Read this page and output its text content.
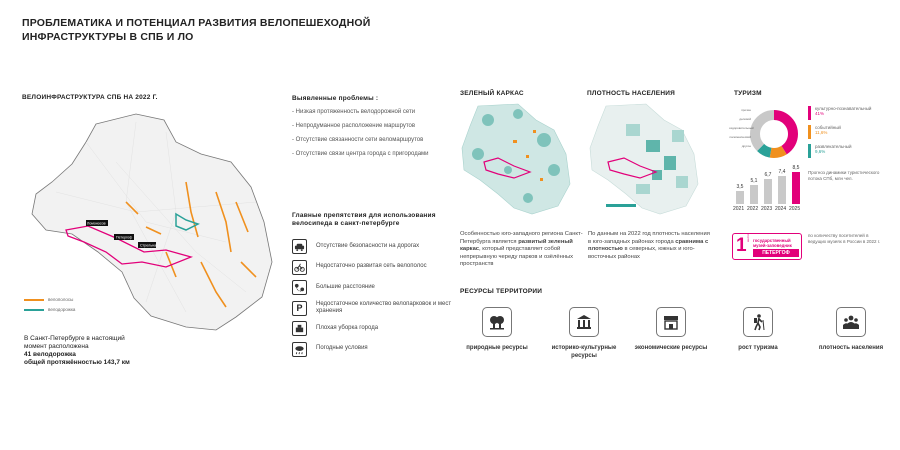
ПРОБЛЕМАТИКА И ПОТЕНЦИАЛ РАЗВИТИЯ ВЕЛОПЕШЕХОДНОЙ ИНФРАСТРУКТУРЫ В СПБ И ЛО
ВЕЛОИНФРАСТРУКТУРА СПБ НА 2022 Г.
Ломоносов
Петергоф
Стрельна
велополосы
велодорожка
В Санкт-Петербурге в настоящий
момент расположена
41 велодорожка
общей протяжённостью 143,7 км
Выявленные проблемы :
- Низкая протяженность велодорожной сети
- Непродуманное расположение маршрутов
- Отсутствие связанности сети веломаршрутов
- Отсутствие связи центра города с пригородами
Главные препятствия для использования велосипеда в санкт-петербурге
Отсутствие безопасности на дорогах
Недостаточно развитая сеть велополос
Большие расстояние
P	Недостаточное количество велопарковок и мест хранения
Плохая уборка города
Погодные условия
ЗЕЛЕНЫЙ КАРКАС
Особенностью юго-западного региона Санкт-Петербурга является развитый зеленый каркас, который представляет собой непрерывную череду парков и озёлённых пространств
ПЛОТНОСТЬ НАСЕЛЕНИЯ
По данным на 2022 год плотность населения в юго-западных районах города сравнима с плотностью в северных, южных и юго-восточных районах
ТУРИЗМ
прочие
деловой
оздоровительный
паломнический
другое
культурно-познавательный
41%
событийный
11,6%
развлекательный
9,6%
3,5
2021
5,1
2022
6,7
2023
7,4
2024
8,5
2025
Прогноз динамики туристического потока СПб, млн чел.
1 место государственный
музей-заповедник
ПЕТЕРГОФ
по количеству посетителей в ведущих музеях в России в 2022 г.
РЕСУРСЫ ТЕРРИТОРИИ
природные ресурсы	историко-культурные ресурсы
экономические ресурсы	рост туризма	плотность населения
